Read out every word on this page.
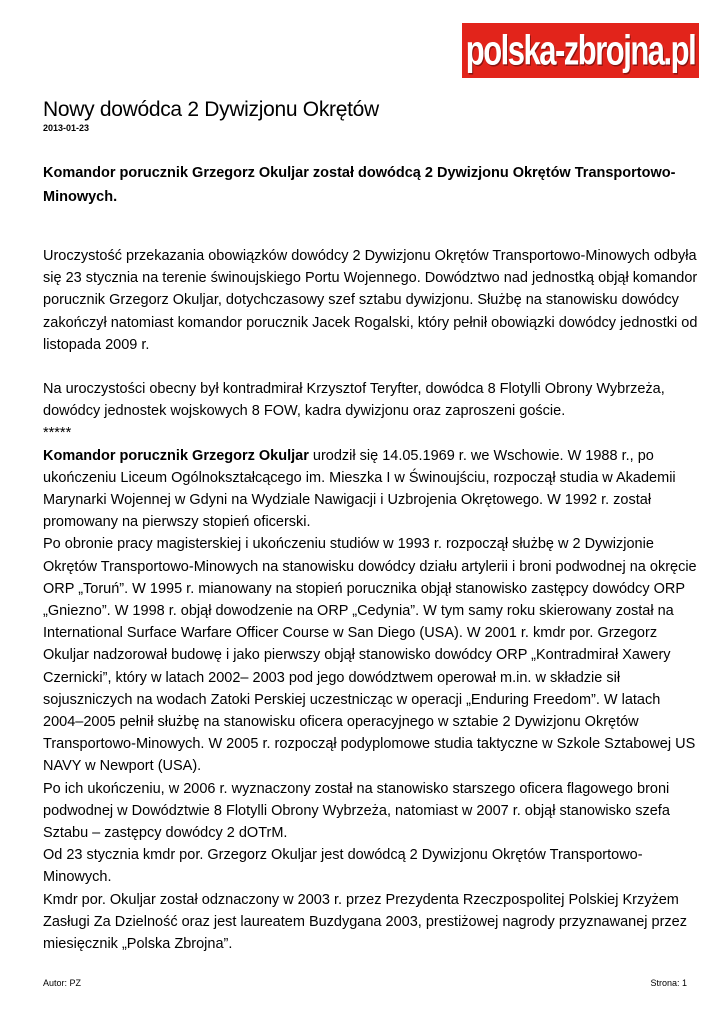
polska-zbrojna.pl
Nowy dowódca 2 Dywizjonu Okrętów
2013-01-23

Komandor porucznik Grzegorz Okuljar został dowódcą 2 Dywizjonu Okrętów Transportowo-Minowych.

Uroczystość przekazania obowiązków dowódcy 2 Dywizjonu Okrętów Transportowo-Minowych odbyła się 23 stycznia na terenie świnoujskiego Portu Wojennego. Dowództwo nad jednostką objął komandor porucznik Grzegorz Okuljar, dotychczasowy szef sztabu dywizjonu. Służbę na stanowisku dowódcy zakończył natomiast komandor porucznik Jacek Rogalski, który pełnił obowiązki dowódcy jednostki od listopada 2009 r.

Na uroczystości obecny był kontradmirał Krzysztof Teryfter, dowódca 8 Flotylli Obrony Wybrzeża, dowódcy jednostek wojskowych 8 FOW, kadra dywizjonu oraz zaproszeni goście.

*****

Komandor porucznik Grzegorz Okuljar urodził się 14.05.1969 r. we Wschowie. W 1988 r., po ukończeniu Liceum Ogólnokształcącego im. Mieszka I w Świnoujściu, rozpoczął studia w Akademii Marynarki Wojennej w Gdyni na Wydziale Nawigacji i Uzbrojenia Okrętowego. W 1992 r. został promowany na pierwszy stopień oficerski.

Po obronie pracy magisterskiej i ukończeniu studiów w 1993 r. rozpoczął służbę w 2 Dywizjonie Okrętów Transportowo-Minowych na stanowisku dowódcy działu artylerii i broni podwodnej na okręcie ORP „Toruń”. W 1995 r. mianowany na stopień porucznika objął stanowisko zastępcy dowódcy ORP „Gniezno”. W 1998 r. objął dowodzenie na ORP „Cedynia”. W tym samy roku skierowany został na International Surface Warfare Officer Course w San Diego (USA). W 2001 r. kmdr por. Grzegorz Okuljar nadzorował budowę i jako pierwszy objął stanowisko dowódcy ORP „Kontradmirał Xawery Czernicki”, który w latach 2002– 2003 pod jego dowództwem operował m.in. w składzie sił sojuszniczych na wodach Zatoki Perskiej uczestnicząc w operacji „Enduring Freedom”. W latach 2004–2005 pełnił służbę na stanowisku oficera operacyjnego w sztabie 2 Dywizjonu Okrętów Transportowo-Minowych. W 2005 r. rozpoczął podyplomowe studia taktyczne w Szkole Sztabowej US NAVY w Newport (USA).

Po ich ukończeniu, w 2006 r. wyznaczony został na stanowisko starszego oficera flagowego broni podwodnej w Dowództwie 8 Flotylli Obrony Wybrzeża, natomiast w 2007 r. objął stanowisko szefa Sztabu – zastępcy dowódcy 2 dOTrM.

Od 23 stycznia kmdr por. Grzegorz Okuljar jest dowódcą 2 Dywizjonu Okrętów Transportowo-Minowych.

Kmdr por. Okuljar został odznaczony w 2003 r. przez Prezydenta Rzeczpospolitej Polskiej Krzyżem Zasługi Za Dzielność oraz jest laureatem Buzdygana 2003, prestiżowej nagrody przyznawanej przez miesięcznik „Polska Zbrojna”.

Autor: PZ	Strona: 1
